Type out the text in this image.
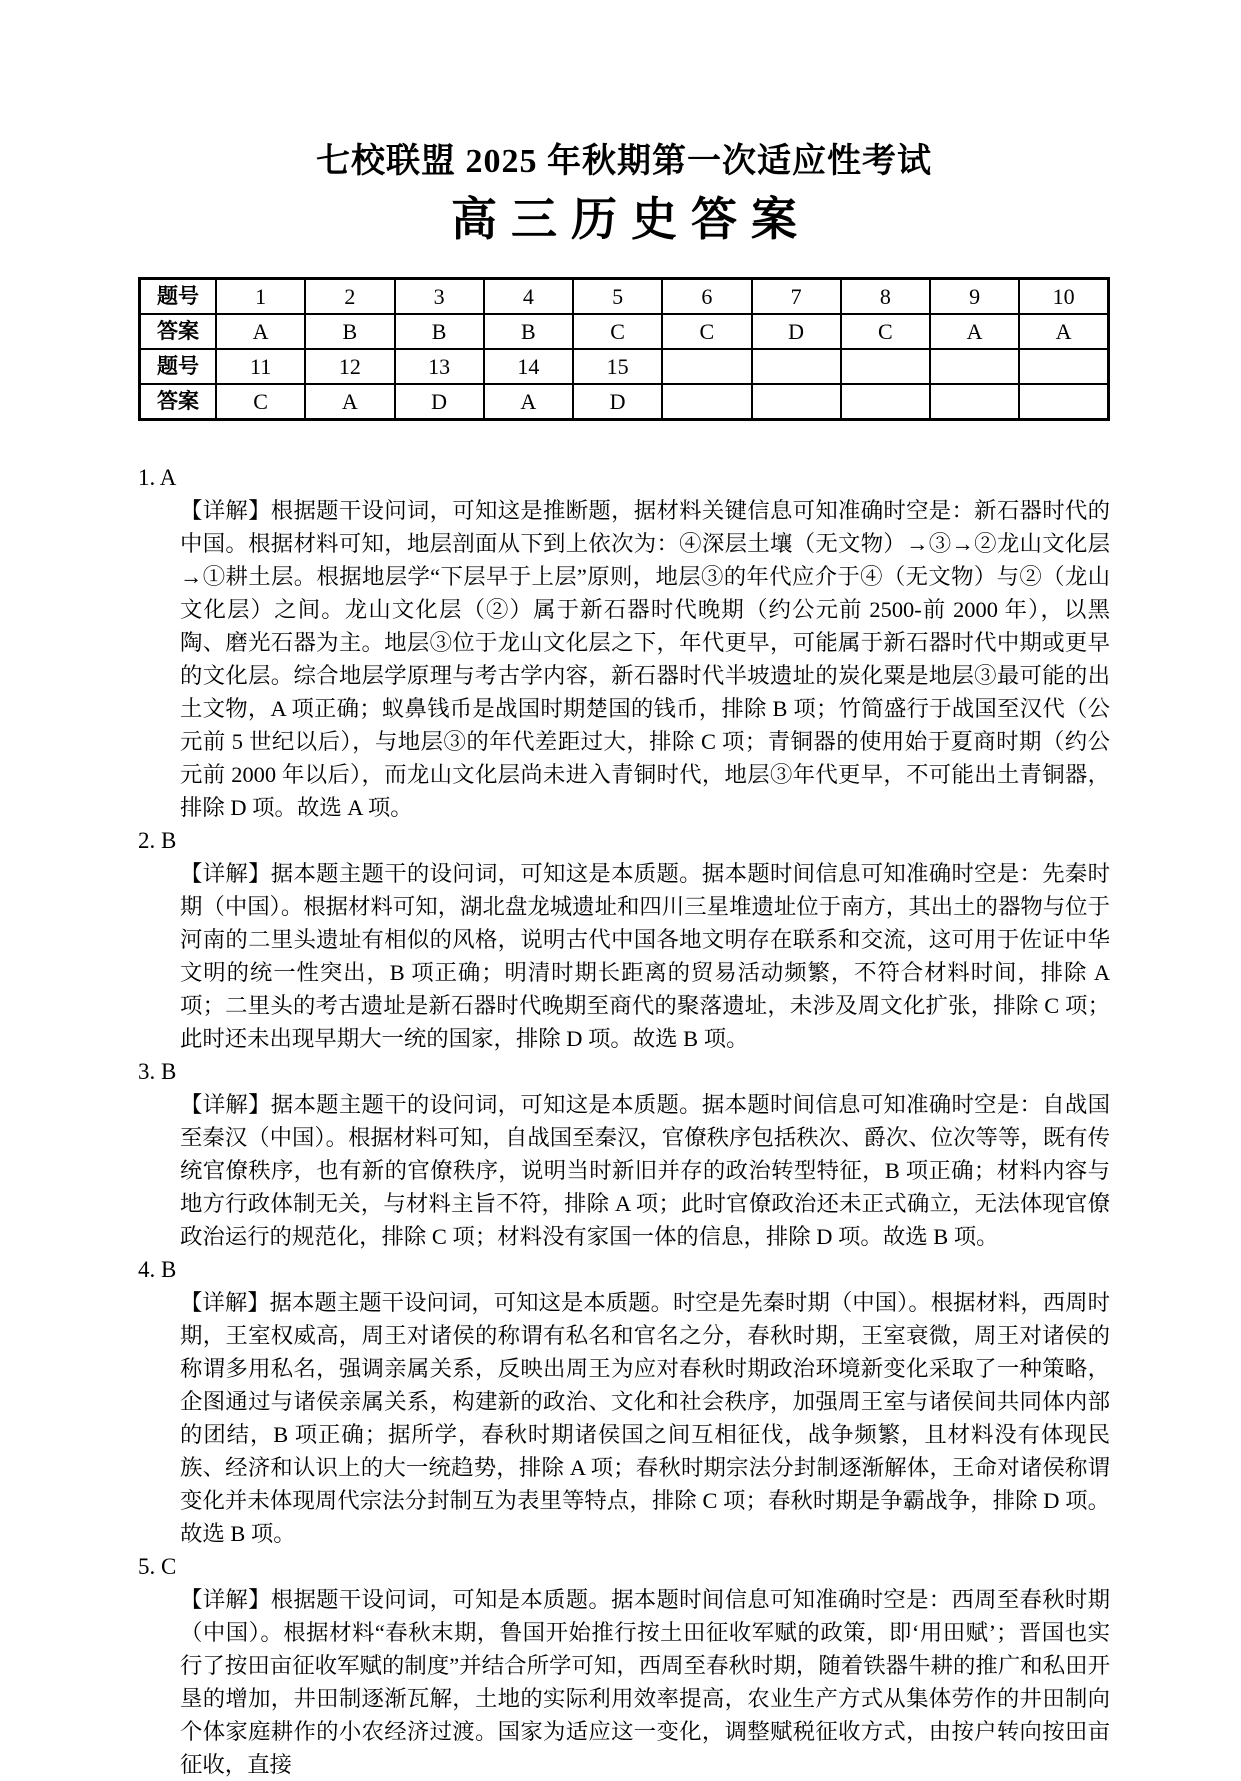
七校联盟 2025 年秋期第一次适应性考试
高三历史答案
题号	1	2	3	4	5	6	7	8	9	10
答案	A	B	B	B	C	C	D	C	A	A
题号	11	12	13	14	15					
答案	C	A	D	A	D					
1. A

【详解】根据题干设问词，可知这是推断题，据材料关键信息可知准确时空是：新石器时代的中国。根据材料可知，地层剖面从下到上依次为：④深层土壤（无文物）→③→②龙山文化层→①耕土层。根据地层学“下层早于上层”原则，地层③的年代应介于④（无文物）与②（龙山文化层）之间。龙山文化层（②）属于新石器时代晚期（约公元前 2500-前 2000 年），以黑陶、磨光石器为主。地层③位于龙山文化层之下，年代更早，可能属于新石器时代中期或更早的文化层。综合地层学原理与考古学内容，新石器时代半坡遗址的炭化粟是地层③最可能的出土文物，A 项正确；蚁鼻钱币是战国时期楚国的钱币，排除 B 项；竹简盛行于战国至汉代（公元前 5 世纪以后），与地层③的年代差距过大，排除 C 项；青铜器的使用始于夏商时期（约公元前 2000 年以后），而龙山文化层尚未进入青铜时代，地层③年代更早，不可能出土青铜器，排除 D 项。故选 A 项。

2. B

【详解】据本题主题干的设问词，可知这是本质题。据本题时间信息可知准确时空是：先秦时期（中国）。根据材料可知，湖北盘龙城遗址和四川三星堆遗址位于南方，其出土的器物与位于河南的二里头遗址有相似的风格，说明古代中国各地文明存在联系和交流，这可用于佐证中华文明的统一性突出，B 项正确；明清时期长距离的贸易活动频繁，不符合材料时间，排除 A 项；二里头的考古遗址是新石器时代晚期至商代的聚落遗址，未涉及周文化扩张，排除 C 项；此时还未出现早期大一统的国家，排除 D 项。故选 B 项。

3. B

【详解】据本题主题干的设问词，可知这是本质题。据本题时间信息可知准确时空是：自战国至秦汉（中国）。根据材料可知，自战国至秦汉，官僚秩序包括秩次、爵次、位次等等，既有传统官僚秩序，也有新的官僚秩序，说明当时新旧并存的政治转型特征，B 项正确；材料内容与地方行政体制无关，与材料主旨不符，排除 A 项；此时官僚政治还未正式确立，无法体现官僚政治运行的规范化，排除 C 项；材料没有家国一体的信息，排除 D 项。故选 B 项。

4. B

【详解】据本题主题干设问词，可知这是本质题。时空是先秦时期（中国）。根据材料，西周时期，王室权威高，周王对诸侯的称谓有私名和官名之分，春秋时期，王室衰微，周王对诸侯的称谓多用私名，强调亲属关系，反映出周王为应对春秋时期政治环境新变化采取了一种策略，企图通过与诸侯亲属关系，构建新的政治、文化和社会秩序，加强周王室与诸侯间共同体内部的团结，B 项正确；据所学，春秋时期诸侯国之间互相征伐，战争频繁，且材料没有体现民族、经济和认识上的大一统趋势，排除 A 项；春秋时期宗法分封制逐渐解体，王命对诸侯称谓变化并未体现周代宗法分封制互为表里等特点，排除 C 项；春秋时期是争霸战争，排除 D 项。故选 B 项。

5. C

【详解】根据题干设问词，可知是本质题。据本题时间信息可知准确时空是：西周至春秋时期（中国）。根据材料“春秋末期，鲁国开始推行按土田征收军赋的政策，即‘用田赋’；晋国也实行了按田亩征收军赋的制度”并结合所学可知，西周至春秋时期，随着铁器牛耕的推广和私田开垦的增加，井田制逐渐瓦解，土地的实际利用效率提高，农业生产方式从集体劳作的井田制向个体家庭耕作的小农经济过渡。国家为适应这一变化，调整赋税征收方式，由按户转向按田亩征收，直接
